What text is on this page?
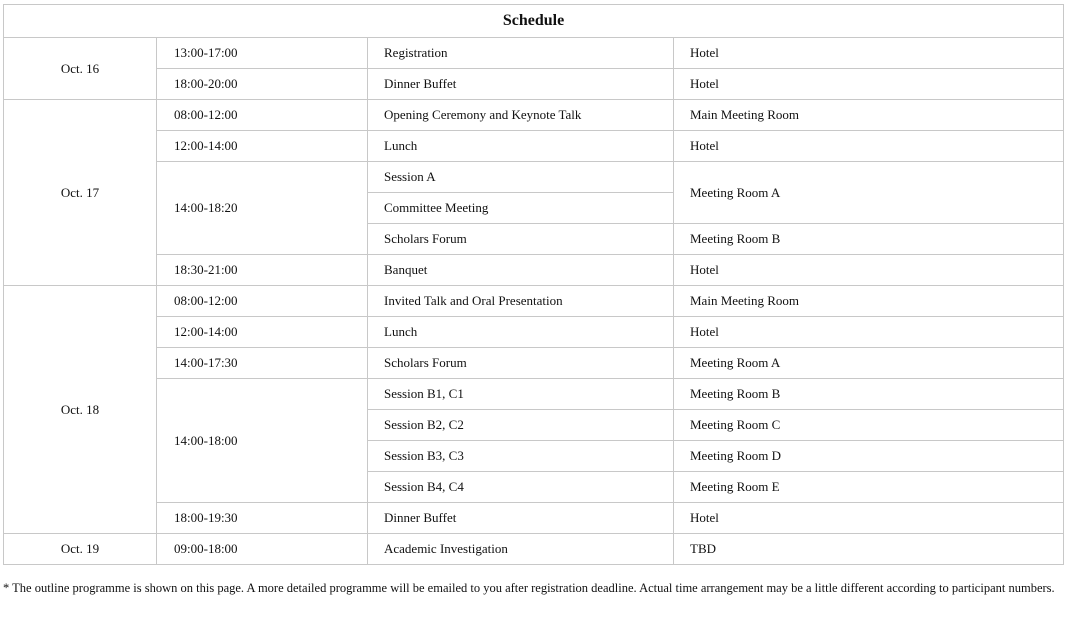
Schedule			
Oct. 16	13:00-17:00	Registration	Hotel
	18:00-20:00	Dinner Buffet	Hotel
Oct. 17	08:00-12:00	Opening Ceremony and Keynote Talk	Main Meeting Room
	12:00-14:00	Lunch	Hotel
	14:00-18:20	Session A	Meeting Room A
		Committee Meeting	
		Scholars Forum	Meeting Room B
	18:30-21:00	Banquet	Hotel
Oct. 18	08:00-12:00	Invited Talk and Oral Presentation	Main Meeting Room
	12:00-14:00	Lunch	Hotel
	14:00-17:30	Scholars Forum	Meeting Room A
	14:00-18:00	Session B1, C1	Meeting Room B
		Session B2, C2	Meeting Room C
		Session B3, C3	Meeting Room D
		Session B4, C4	Meeting Room E
	18:00-19:30	Dinner Buffet	Hotel
Oct. 19	09:00-18:00	Academic Investigation	TBD
* The outline programme is shown on this page. A more detailed programme will be emailed to you after registration deadline. Actual time arrangement may be a little different according to participant numbers.
